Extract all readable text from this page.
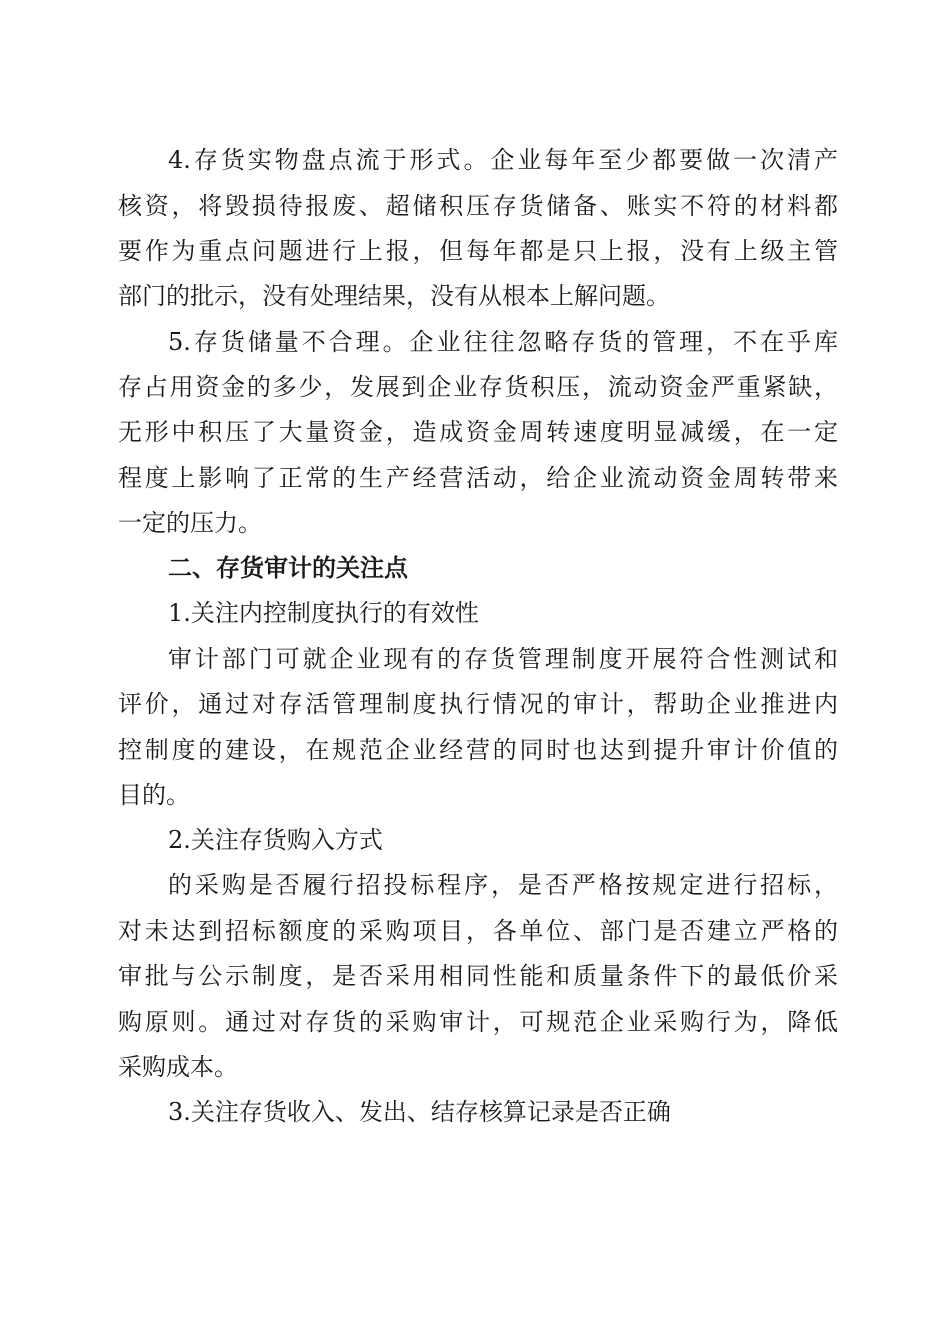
4.存货实物盘点流于形式。企业每年至少都要做一次清产
核资，将毁损待报废、超储积压存货储备、账实不符的材料都
要作为重点问题进行上报，但每年都是只上报，没有上级主管
部门的批示，没有处理结果，没有从根本上解问题。
5.存货储量不合理。企业往往忽略存货的管理，不在乎库
存占用资金的多少，发展到企业存货积压，流动资金严重紧缺，
无形中积压了大量资金，造成资金周转速度明显减缓，在一定
程度上影响了正常的生产经营活动，给企业流动资金周转带来
一定的压力。
二、存货审计的关注点
1.关注内控制度执行的有效性
审计部门可就企业现有的存货管理制度开展符合性测试和
评价，通过对存活管理制度执行情况的审计，帮助企业推进内
控制度的建设，在规范企业经营的同时也达到提升审计价值的
目的。
2.关注存货购入方式
的采购是否履行招投标程序，是否严格按规定进行招标，
对未达到招标额度的采购项目，各单位、部门是否建立严格的
审批与公示制度，是否采用相同性能和质量条件下的最低价采
购原则。通过对存货的采购审计，可规范企业采购行为，降低
采购成本。
3.关注存货收入、发出、结存核算记录是否正确
